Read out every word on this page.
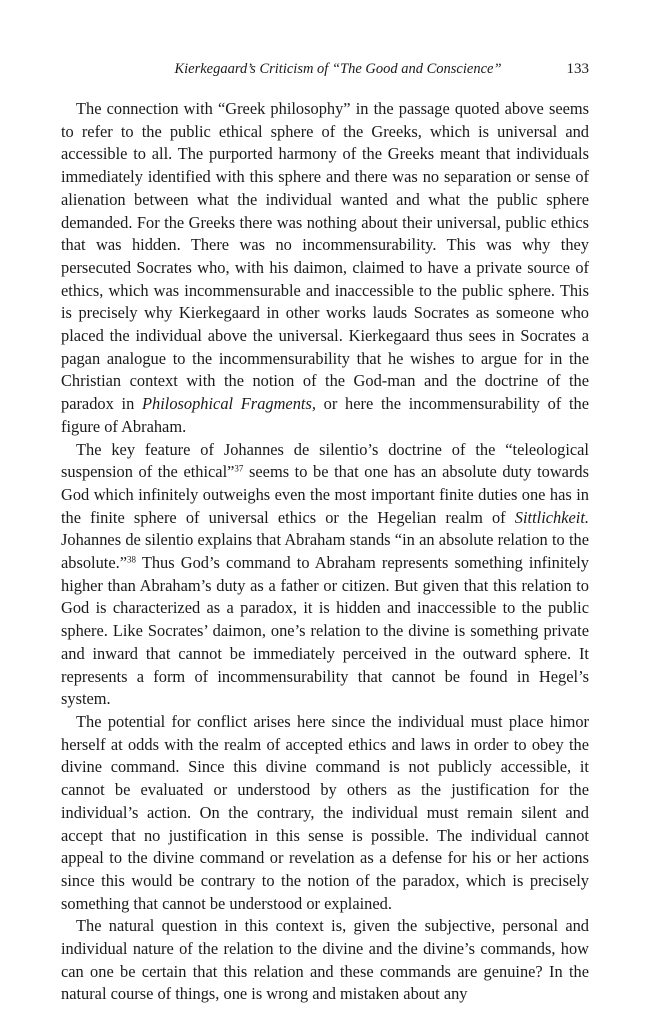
Kierkegaard’s Criticism of “The Good and Conscience”	133

The connection with “Greek philosophy” in the passage quoted above seems to refer to the public ethical sphere of the Greeks, which is universal and accessible to all. The purported harmony of the Greeks meant that individuals immediately identified with this sphere and there was no separation or sense of alienation between what the individual wanted and what the public sphere demanded. For the Greeks there was nothing about their universal, public ethics that was hidden. There was no incommensurability. This was why they persecuted Socrates who, with his daimon, claimed to have a private source of ethics, which was incommensurable and inaccessible to the public sphere. This is precisely why Kierkegaard in other works lauds Socrates as someone who placed the individual above the universal. Kierkegaard thus sees in Socrates a pagan analogue to the incommensurability that he wishes to argue for in the Christian context with the notion of the God-man and the doctrine of the paradox in Philosophical Fragments, or here the incommensurability of the figure of Abraham.

The key feature of Johannes de silentio’s doctrine of the “teleological suspension of the ethical”$^{37}$ seems to be that one has an absolute duty towards God which infinitely outweighs even the most important finite duties one has in the finite sphere of universal ethics or the Hegelian realm of Sittlichkeit. Johannes de silentio explains that Abraham stands “in an absolute relation to the absolute.”$^{38}$ Thus God’s command to Abraham represents something infinitely higher than Abraham’s duty as a father or citizen. But given that this relation to God is characterized as a paradox, it is hidden and inaccessible to the public sphere. Like Socrates’ daimon, one’s relation to the divine is something private and inward that cannot be immediately perceived in the outward sphere. It represents a form of incommensurability that cannot be found in Hegel’s system.

The potential for conflict arises here since the individual must place himor herself at odds with the realm of accepted ethics and laws in order to obey the divine command. Since this divine command is not publicly accessible, it cannot be evaluated or understood by others as the justification for the individual’s action. On the contrary, the individual must remain silent and accept that no justification in this sense is possible. The individual cannot appeal to the divine command or revelation as a defense for his or her actions since this would be contrary to the notion of the paradox, which is precisely something that cannot be understood or explained.

The natural question in this context is, given the subjective, personal and individual nature of the relation to the divine and the divine’s commands, how can one be certain that this relation and these commands are genuine? In the natural course of things, one is wrong and mistaken about any
